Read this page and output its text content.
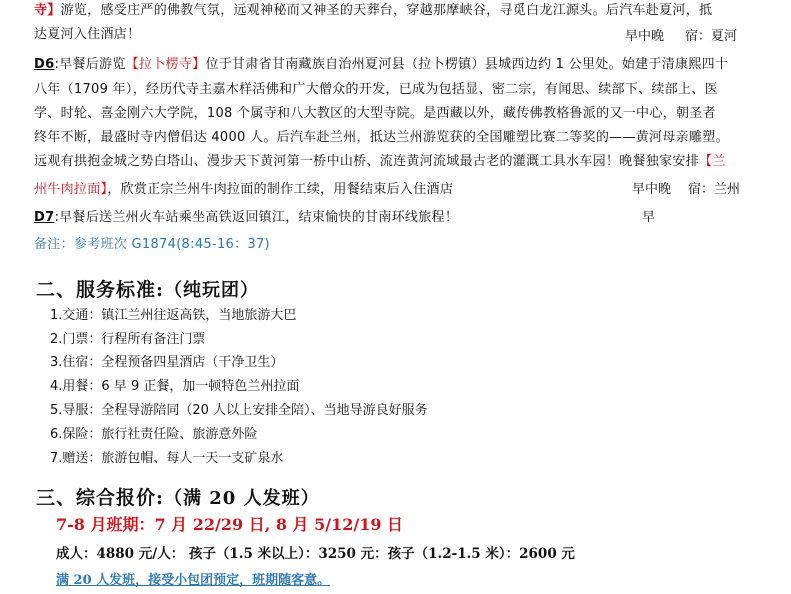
寺】游览，感受庄严的佛教气氛，远观神秘而又神圣的天葬台，穿越那摩峡谷，寻觅白龙江源头。后汽车赴夏河，抵
达夏河入住酒店！	早中晚 宿：夏河
D6:早餐后游览【拉卜楞寺】位于甘肃省甘南藏族自治州夏河县（拉卜楞镇）县城西边约 1 公里处。始建于清康熙四十
八年（1709 年），经历代寺主嘉木样活佛和广大僧众的开发，已成为包括显、密二宗，有闻思、续部下、续部上、医
学、时轮、喜金刚六大学院，108 个属寺和八大教区的大型寺院。是西藏以外，藏传佛教格鲁派的又一中心，朝圣者
终年不断，最盛时寺内僧侣达 4000 人。后汽车赴兰州，抵达兰州游览获的全国雕塑比赛二等奖的——黄河母亲雕塑。
远观有拱抱金城之势白塔山、漫步天下黄河第一桥中山桥、流连黄河流域最古老的灌溉工具水车园！晚餐独家安排【兰
州牛肉拉面】，欣赏正宗兰州牛肉拉面的制作工续，用餐结束后入住酒店	早中晚 宿：兰州
D7:早餐后送兰州火车站乘坐高铁返回镇江，结束愉快的甘南环线旅程！	早
备注：参考班次 G1874(8:45-16：37)
二、服务标准:（纯玩团）
1.交通：镇江兰州往返高铁，当地旅游大巴
2.门票：行程所有备注门票
3.住宿：全程预备四星酒店（干净卫生）
4.用餐：6 早 9 正餐，加一顿特色兰州拉面
5.导服：全程导游陪同（20 人以上安排全陪）、当地导游良好服务
6.保险：旅行社责任险、旅游意外险
7.赠送：旅游包帽、每人一天一支矿泉水
三、综合报价:（满 20 人发班）
7-8 月班期：7 月 22/29 日, 8 月 5/12/19 日
成人：4880 元/人： 孩子（1.5 米以上）：3250 元：孩子（1.2-1.5 米）：2600 元
满 20 人发班，接受小包团预定，班期随客意。
